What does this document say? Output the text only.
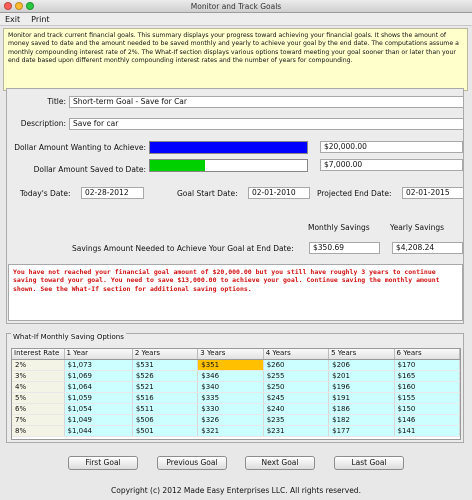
Monitor and Track Goals
Exit Print
Monitor and track current financial goals. This summary displays your progress toward achieving your financial goals. It shows the amount of money saved to date and the amount needed to be saved monthly and yearly to achieve your goal by the end date. The computations assume a monthly compounding interest rate of 2%. The What-If section displays various options toward meeting your goal sooner than or later than your end date based upon different monthly compounding interest rates and the number of years for compounding.
Title: Short-term Goal - Save for Car
Description: Save for car
Dollar Amount Wanting to Achieve:	$20,000.00
Dollar Amount Saved to Date:
$7,000.00
Today's Date:	02-28-2012	Goal Start Date:	02-01-2010	Projected End Date:	02-01-2015
Monthly Savings	Yearly Savings
Savings Amount Needed to Achieve Your Goal at End Date:	$350.69	$4,208.24
You have not reached your financial goal amount of $20,000.00 but you still have roughly 3 years to continue saving toward your goal. You need to save $13,000.00 to achieve your goal. Continue saving the monthly amount shown. See the What-If section for additional saving options.
What-If Monthly Saving Options
Interest Rate	1 Year	2 Years	3 Years	4 Years	5 Years	6 Years
2%	$1,073	$531	$351	$260	$206	$170
3%	$1,069	$526	$346	$255	$201	$165
4%	$1,064	$521	$340	$250	$196	$160
5%	$1,059	$516	$335	$245	$191	$155
6%	$1,054	$511	$330	$240	$186	$150
7%	$1,049	$506	$326	$235	$182	$146
8%	$1,044	$501	$321	$231	$177	$141
First Goal	Previous Goal	Next Goal	Last Goal
Copyright (c) 2012 Made Easy Enterprises LLC. All rights reserved.
